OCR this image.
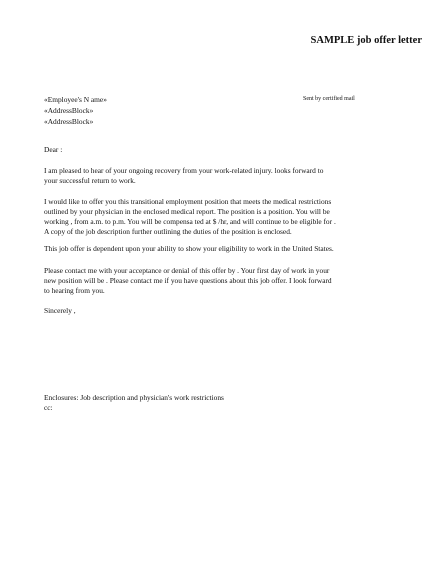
SAMPLE job offer letter
«Employee's N ame»
«AddressBlock»
«AddressBlock»
Sent by certified mail
Dear :
I am pleased to hear of your ongoing recovery from your work-related injury. looks forward to
your successful return to work.
I would like to offer you this transitional employment position that meets the medical restrictions
outlined by your physician in the enclosed medical report. The position is a position. You will be
working , from a.m. to p.m. You will be compensa ted at $ /hr, and will continue to be eligible for .
A copy of the job description further outlining the duties of the position is enclosed.
This job offer is dependent upon your ability to show your eligibility to work in the United States.
Please contact me with your acceptance or denial of this offer by . Your first day of work in your
new position will be . Please contact me if you have questions about this job offer. I look forward
to hearing from you.
Sincerely ,
Enclosures: Job description and physician's work restrictions
cc:
